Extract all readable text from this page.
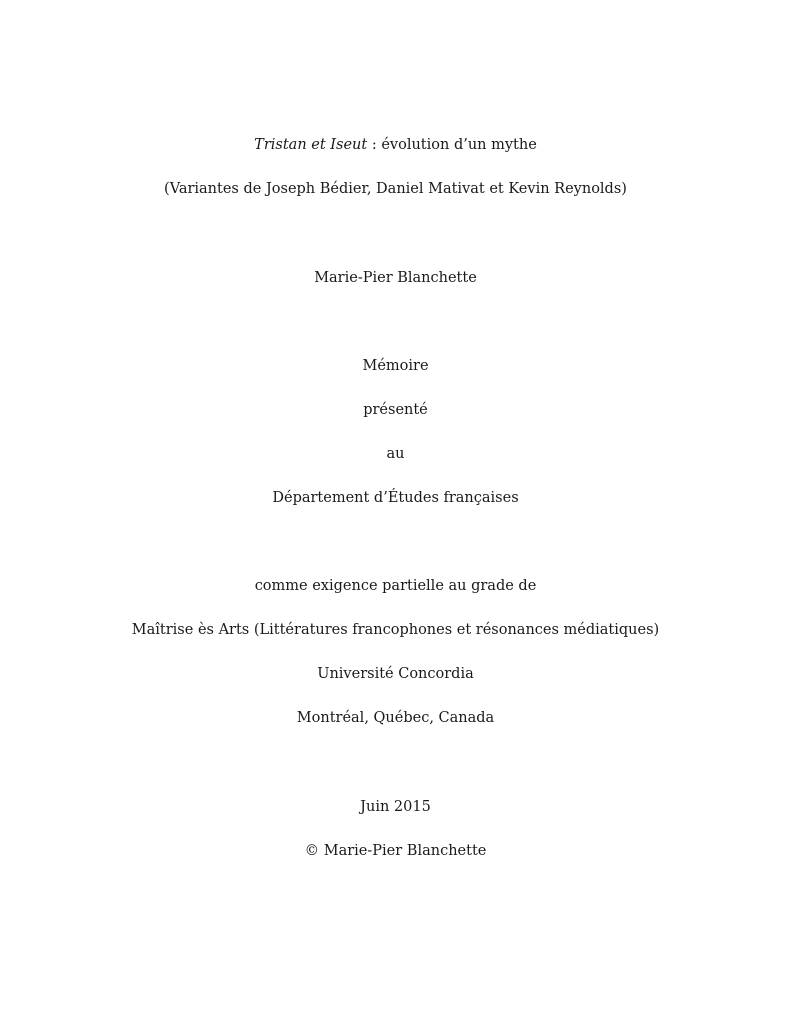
Tristan et Iseut : évolution d’un mythe
(Variantes de Joseph Bédier, Daniel Mativat et Kevin Reynolds)
Marie-Pier Blanchette
Mémoire
présenté
au
Département d’Études françaises
comme exigence partielle au grade de
Maîtrise ès Arts (Littératures francophones et résonances médiatiques)
Université Concordia
Montréal, Québec, Canada
Juin 2015
© Marie-Pier Blanchette
